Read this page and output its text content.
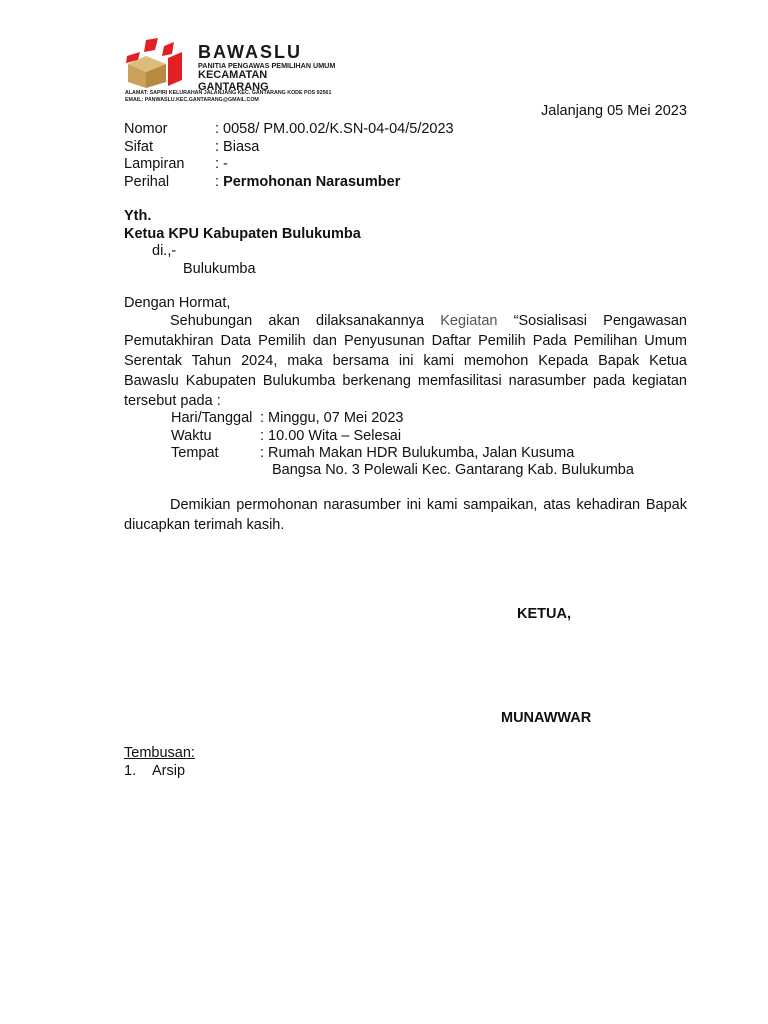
BAWASLU
PANITIA PENGAWAS PEMILIHAN UMUM
KECAMATAN GANTARANG
ALAMAT: SAPIRI KELURAHAN JALANJANG KEC. GANTARANG KODE POS 92561
EMAIL: PANWASLU.KEC.GANTARANG@GMAIL.COM
Jalanjang 05 Mei 2023
Nomor	: 0058/ PM.00.02/K.SN-04-04/5/2023
Sifat	: Biasa
Lampiran : -
Perihal	: Permohonan Narasumber
Yth.
Ketua KPU Kabupaten Bulukumba
di.,-
Bulukumba
Dengan Hormat,
Sehubungan akan dilaksanakannya Kegiatan “Sosialisasi Pengawasan Pemutakhiran Data Pemilih dan Penyusunan Daftar Pemilih Pada Pemilihan Umum Serentak Tahun 2024, maka bersama ini kami memohon Kepada Bapak Ketua Bawaslu Kabupaten Bulukumba berkenang memfasilitasi narasumber pada kegiatan tersebut pada :
Hari/Tanggal : Minggu, 07 Mei 2023
Waktu	: 10.00 Wita – Selesai
Tempat	: Rumah Makan HDR Bulukumba, Jalan Kusuma
Bangsa No. 3 Polewali Kec. Gantarang Kab. Bulukumba
Demikian permohonan narasumber ini kami sampaikan, atas kehadiran Bapak diucapkan terimah kasih.
KETUA,
MUNAWWAR
Tembusan:
1. Arsip
